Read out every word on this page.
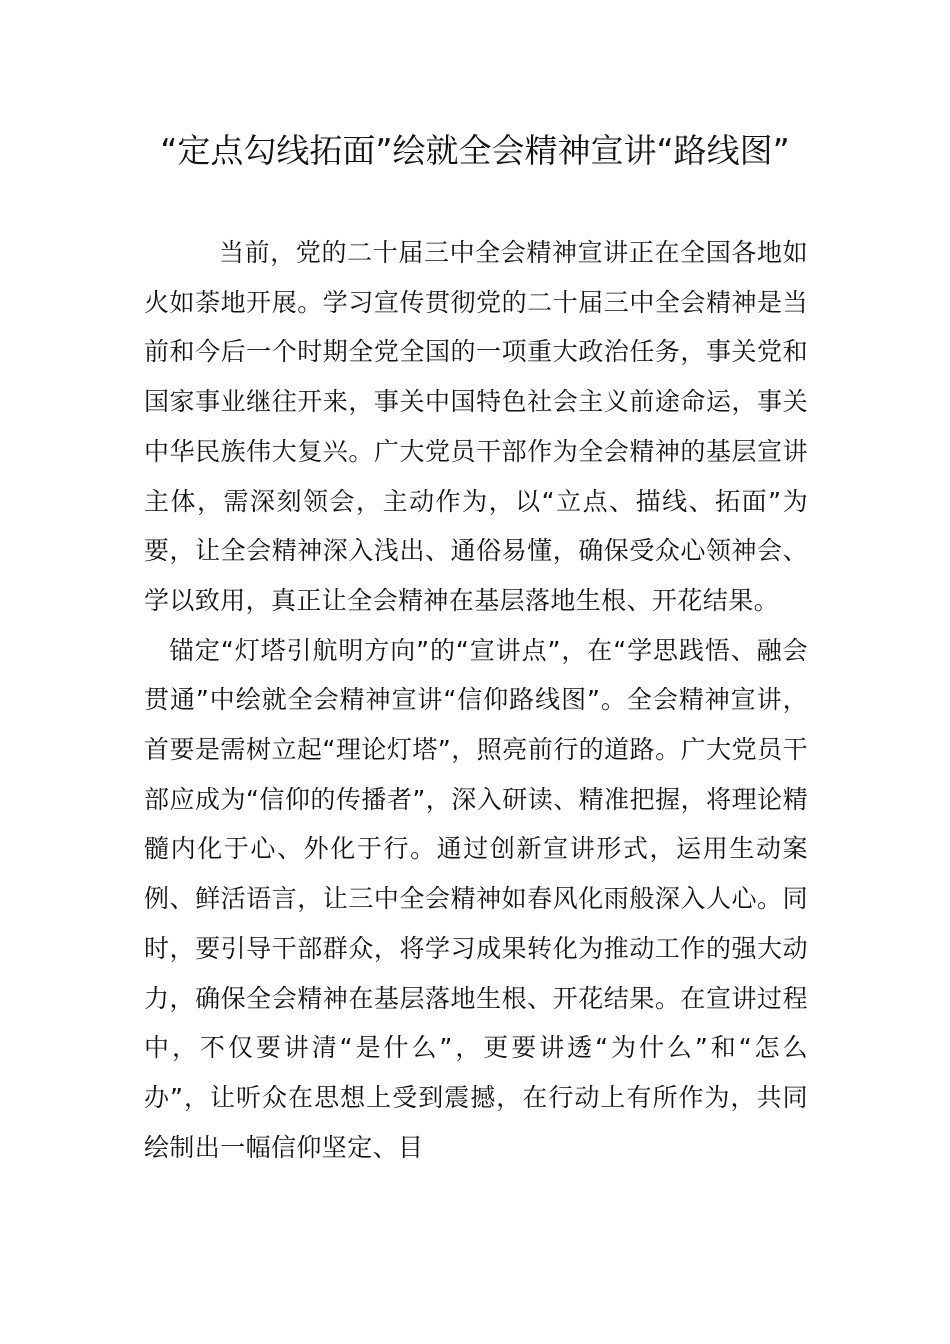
“定点勾线拓面”绘就全会精神宣讲“路线图”

当前，党的二十届三中全会精神宣讲正在全国各地如火如荼地开展。学习宣传贯彻党的二十届三中全会精神是当前和今后一个时期全党全国的一项重大政治任务，事关党和国家事业继往开来，事关中国特色社会主义前途命运，事关中华民族伟大复兴。广大党员干部作为全会精神的基层宣讲主体，需深刻领会，主动作为，以“立点、描线、拓面”为要，让全会精神深入浅出、通俗易懂，确保受众心领神会、学以致用，真正让全会精神在基层落地生根、开花结果。

锚定“灯塔引航明方向”的“宣讲点”，在“学思践悟、融会贯通”中绘就全会精神宣讲“信仰路线图”。全会精神宣讲，首要是需树立起“理论灯塔”，照亮前行的道路。广大党员干部应成为“信仰的传播者”，深入研读、精准把握，将理论精髓内化于心、外化于行。通过创新宣讲形式，运用生动案例、鲜活语言，让三中全会精神如春风化雨般深入人心。同时，要引导干部群众，将学习成果转化为推动工作的强大动力，确保全会精神在基层落地生根、开花结果。在宣讲过程中，不仅要讲清“是什么”，更要讲透“为什么”和“怎么办”，让听众在思想上受到震撼，在行动上有所作为，共同绘制出一幅信仰坚定、目
